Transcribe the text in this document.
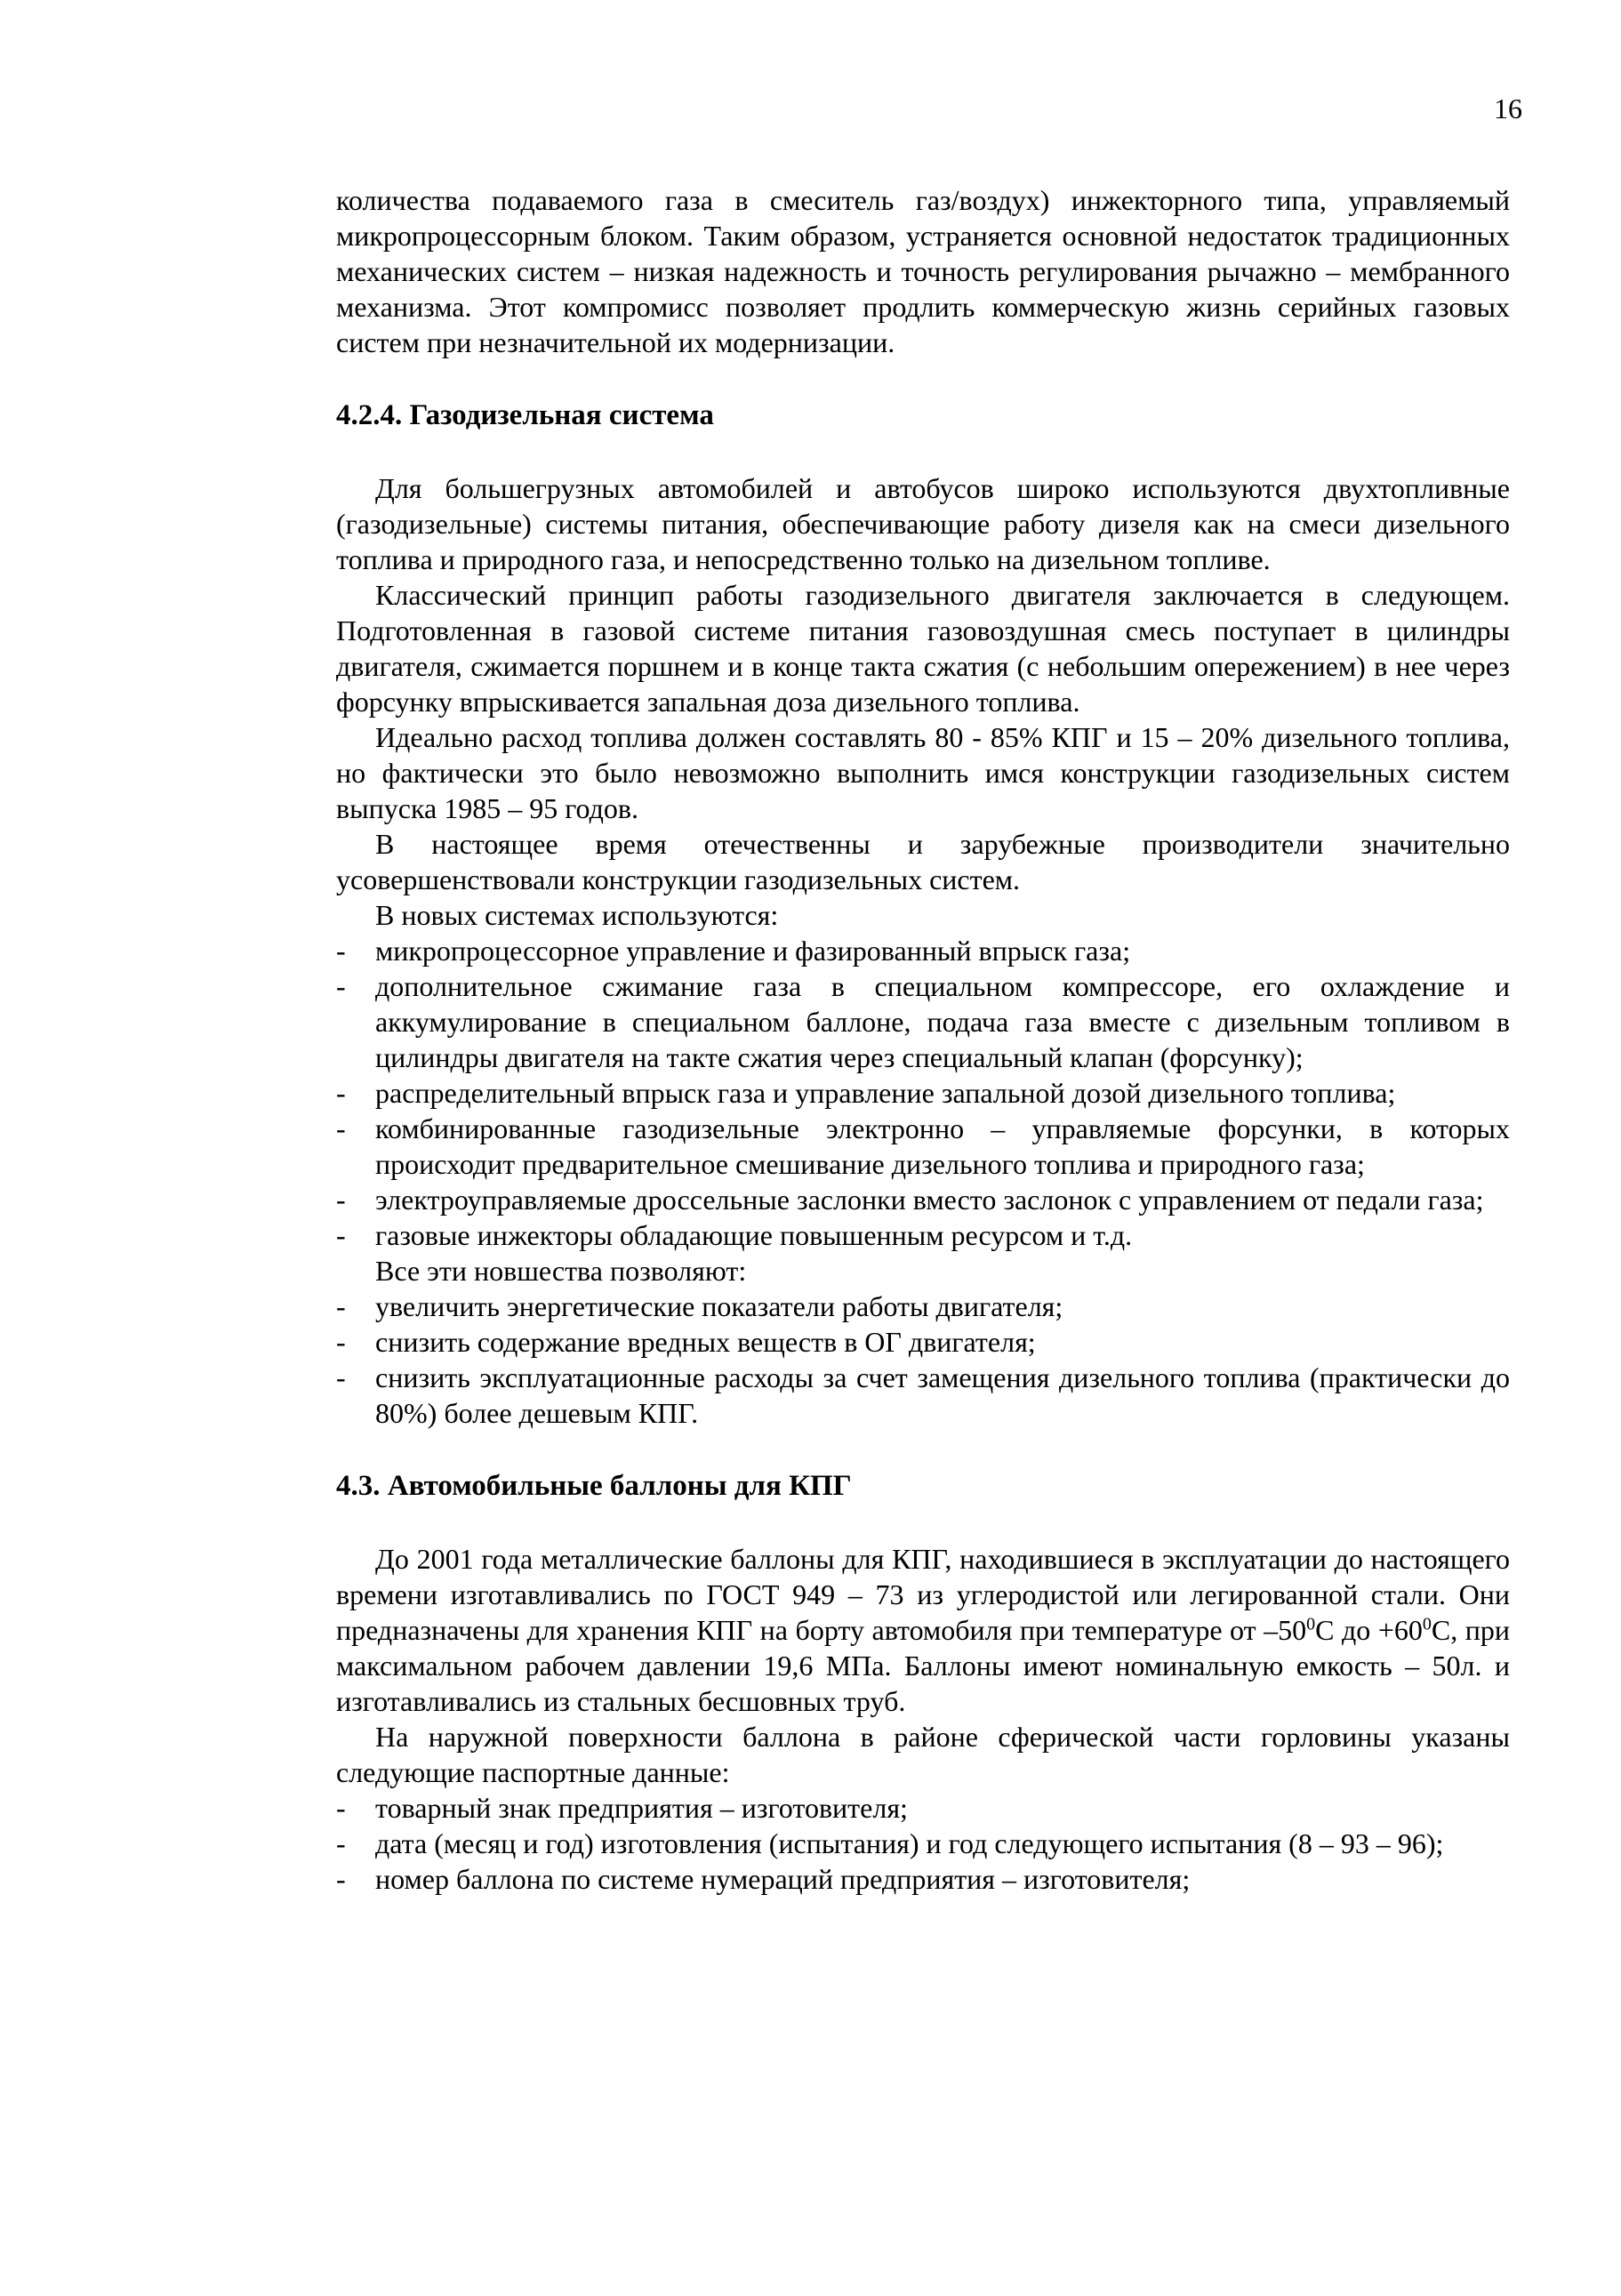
16

количества подаваемого газа в смеситель газ/воздух) инжекторного типа, управляемый микропроцессорным блоком. Таким образом, устраняется основной недостаток традиционных механических систем – низкая надежность и точность регулирования рычажно – мембранного механизма. Этот компромисс позволяет продлить коммерческую жизнь серийных газовых систем при незначительной их модернизации.

4.2.4. Газодизельная система

Для большегрузных автомобилей и автобусов широко используются двухтопливные (газодизельные) системы питания, обеспечивающие работу дизеля как на смеси дизельного топлива и природного газа, и непосредственно только на дизельном топливе.

Классический принцип работы газодизельного двигателя заключается в следующем. Подготовленная в газовой системе питания газовоздушная смесь поступает в цилиндры двигателя, сжимается поршнем и в конце такта сжатия (с небольшим опережением) в нее через форсунку впрыскивается запальная доза дизельного топлива.

Идеально расход топлива должен составлять 80 - 85% КПГ и 15 – 20% дизельного топлива, но фактически это было невозможно выполнить имся конструкции газодизельных систем выпуска 1985 – 95 годов.

В настоящее время отечественны и зарубежные производители значительно усовершенствовали конструкции газодизельных систем.

В новых системах используются:

- микропроцессорное управление и фазированный впрыск газа;
- дополнительное сжимание газа в специальном компрессоре, его охлаждение и аккумулирование в специальном баллоне, подача газа вместе с дизельным топливом в цилиндры двигателя на такте сжатия через специальный клапан (форсунку);
- распределительный впрыск газа и управление запальной дозой дизельного топлива;
- комбинированные газодизельные электронно – управляемые форсунки, в которых происходит предварительное смешивание дизельного топлива и природного газа;
- электроуправляемые дроссельные заслонки вместо заслонок с управлением от педали газа;
- газовые инжекторы обладающие повышенным ресурсом и т.д.

Все эти новшества позволяют:

- увеличить энергетические показатели работы двигателя;
- снизить содержание вредных веществ в ОГ двигателя;
- снизить эксплуатационные расходы за счет замещения дизельного топлива (практически до 80%) более дешевым КПГ.
4.3. Автомобильные баллоны для КПГ

До 2001 года металлические баллоны для КПГ, находившиеся в эксплуатации до настоящего времени изготавливались по ГОСТ 949 – 73 из углеродистой или легированной стали. Они предназначены для хранения КПГ на борту автомобиля при температуре от $-50^0С$ до $+60^0С$, при максимальном рабочем давлении 19,6 МПа. Баллоны имеют номинальную емкость – 50л. и изготавливались из стальных бесшовных труб.

На наружной поверхности баллона в районе сферической части горловины указаны следующие паспортные данные:

- товарный знак предприятия – изготовителя;
- дата (месяц и год) изготовления (испытания) и год следующего испытания (8 – 93 – 96);
- номер баллона по системе нумераций предприятия – изготовителя;
